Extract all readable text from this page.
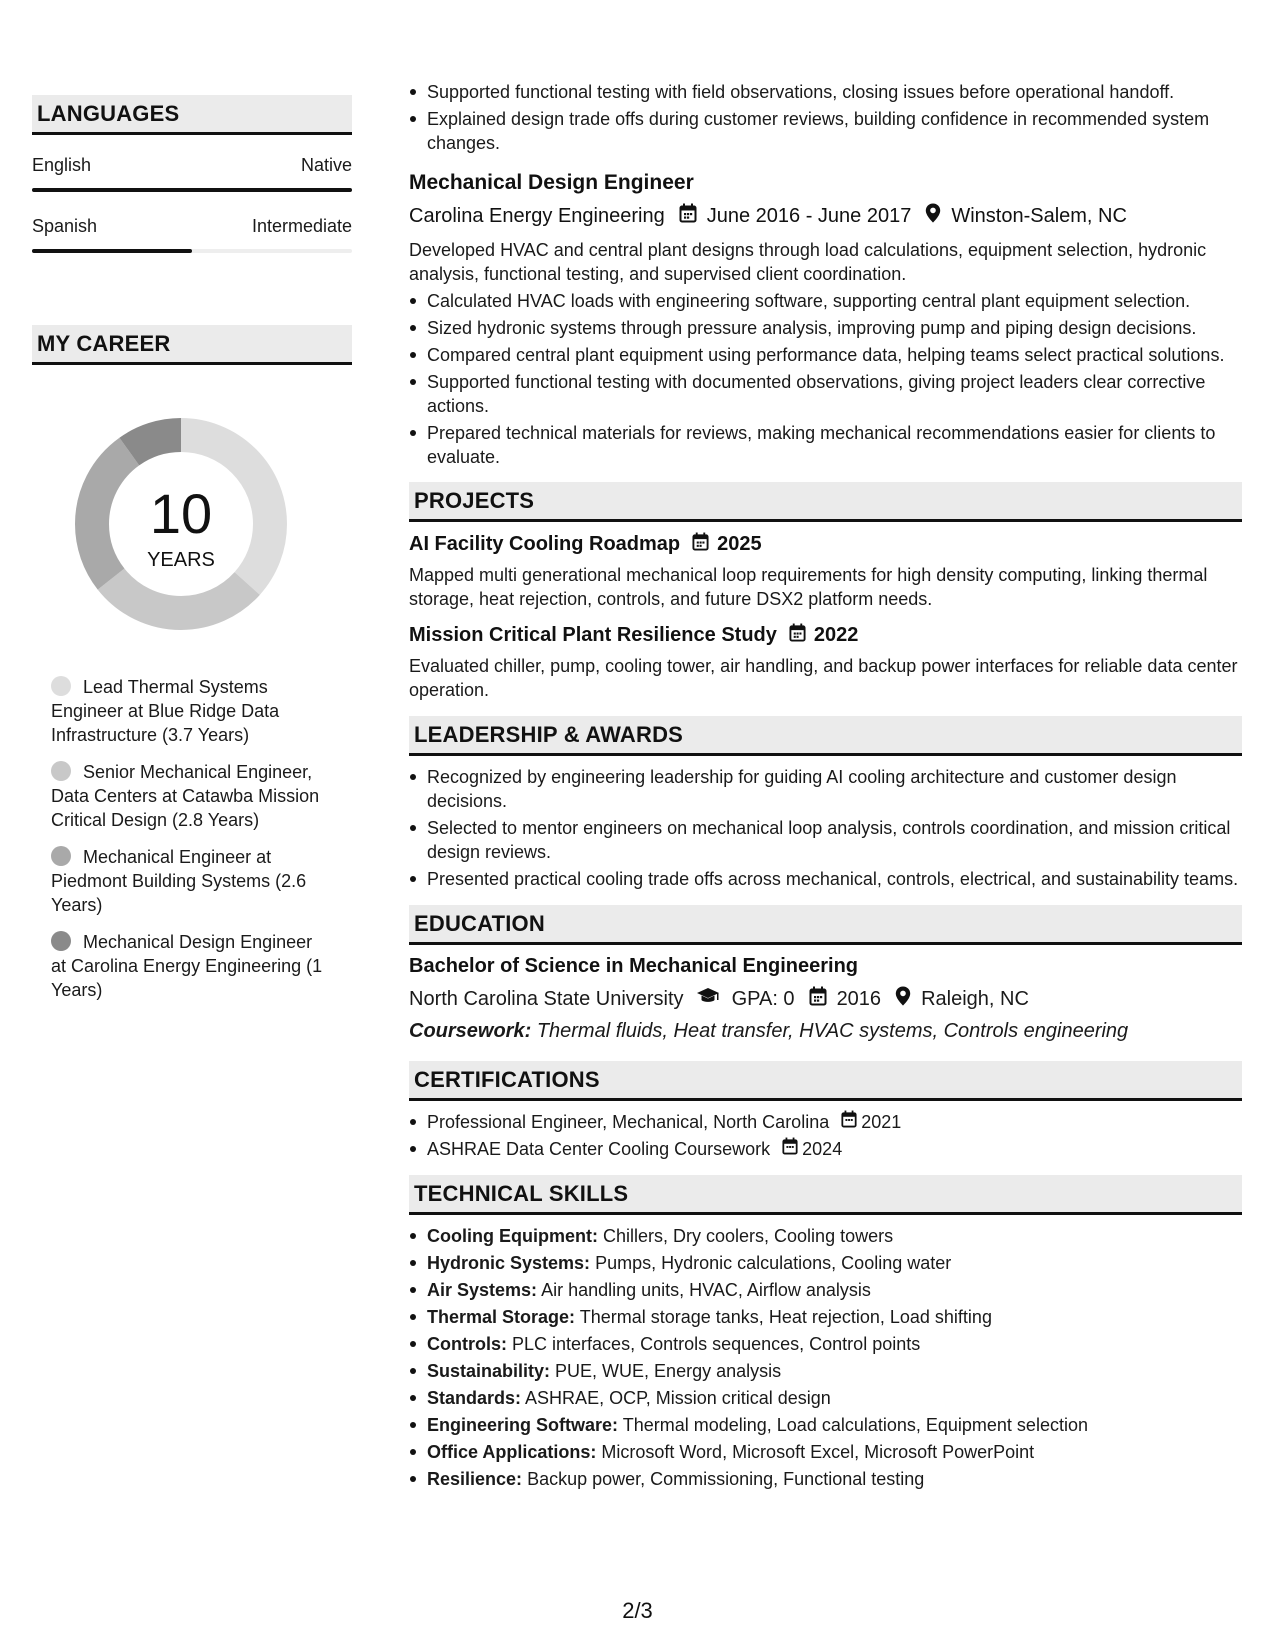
LANGUAGES
English	Native
Spanish	Intermediate
MY CAREER
10
YEARS
Lead Thermal Systems Engineer at Blue Ridge Data Infrastructure (3.7 Years)
Senior Mechanical Engineer, Data Centers at Catawba Mission Critical Design (2.8 Years)
Mechanical Engineer at Piedmont Building Systems (2.6 Years)
Mechanical Design Engineer at Carolina Energy Engineering (1 Years)
Supported functional testing with field observations, closing issues before operational handoff.
Explained design trade offs during customer reviews, building confidence in recommended system changes.
Mechanical Design Engineer
Carolina Energy Engineering June 2016 - June 2017 Winston-Salem, NC
Developed HVAC and central plant designs through load calculations, equipment selection, hydronic analysis, functional testing, and supervised client coordination.
Calculated HVAC loads with engineering software, supporting central plant equipment selection.
Sized hydronic systems through pressure analysis, improving pump and piping design decisions.
Compared central plant equipment using performance data, helping teams select practical solutions.
Supported functional testing with documented observations, giving project leaders clear corrective actions.
Prepared technical materials for reviews, making mechanical recommendations easier for clients to evaluate.
PROJECTS
AI Facility Cooling Roadmap 2025
Mapped multi generational mechanical loop requirements for high density computing, linking thermal storage, heat rejection, controls, and future DSX2 platform needs.
Mission Critical Plant Resilience Study 2022
Evaluated chiller, pump, cooling tower, air handling, and backup power interfaces for reliable data center operation.
LEADERSHIP & AWARDS
Recognized by engineering leadership for guiding AI cooling architecture and customer design decisions.
Selected to mentor engineers on mechanical loop analysis, controls coordination, and mission critical design reviews.
Presented practical cooling trade offs across mechanical, controls, electrical, and sustainability teams.
EDUCATION
Bachelor of Science in Mechanical Engineering
North Carolina State University GPA: 0 2016 Raleigh, NC
Coursework: Thermal fluids, Heat transfer, HVAC systems, Controls engineering
CERTIFICATIONS
Professional Engineer, Mechanical, North Carolina 2021
ASHRAE Data Center Cooling Coursework 2024
TECHNICAL SKILLS
Cooling Equipment: Chillers, Dry coolers, Cooling towers
Hydronic Systems: Pumps, Hydronic calculations, Cooling water
Air Systems: Air handling units, HVAC, Airflow analysis
Thermal Storage: Thermal storage tanks, Heat rejection, Load shifting
Controls: PLC interfaces, Controls sequences, Control points
Sustainability: PUE, WUE, Energy analysis
Standards: ASHRAE, OCP, Mission critical design
Engineering Software: Thermal modeling, Load calculations, Equipment selection
Office Applications: Microsoft Word, Microsoft Excel, Microsoft PowerPoint
Resilience: Backup power, Commissioning, Functional testing
2/3
